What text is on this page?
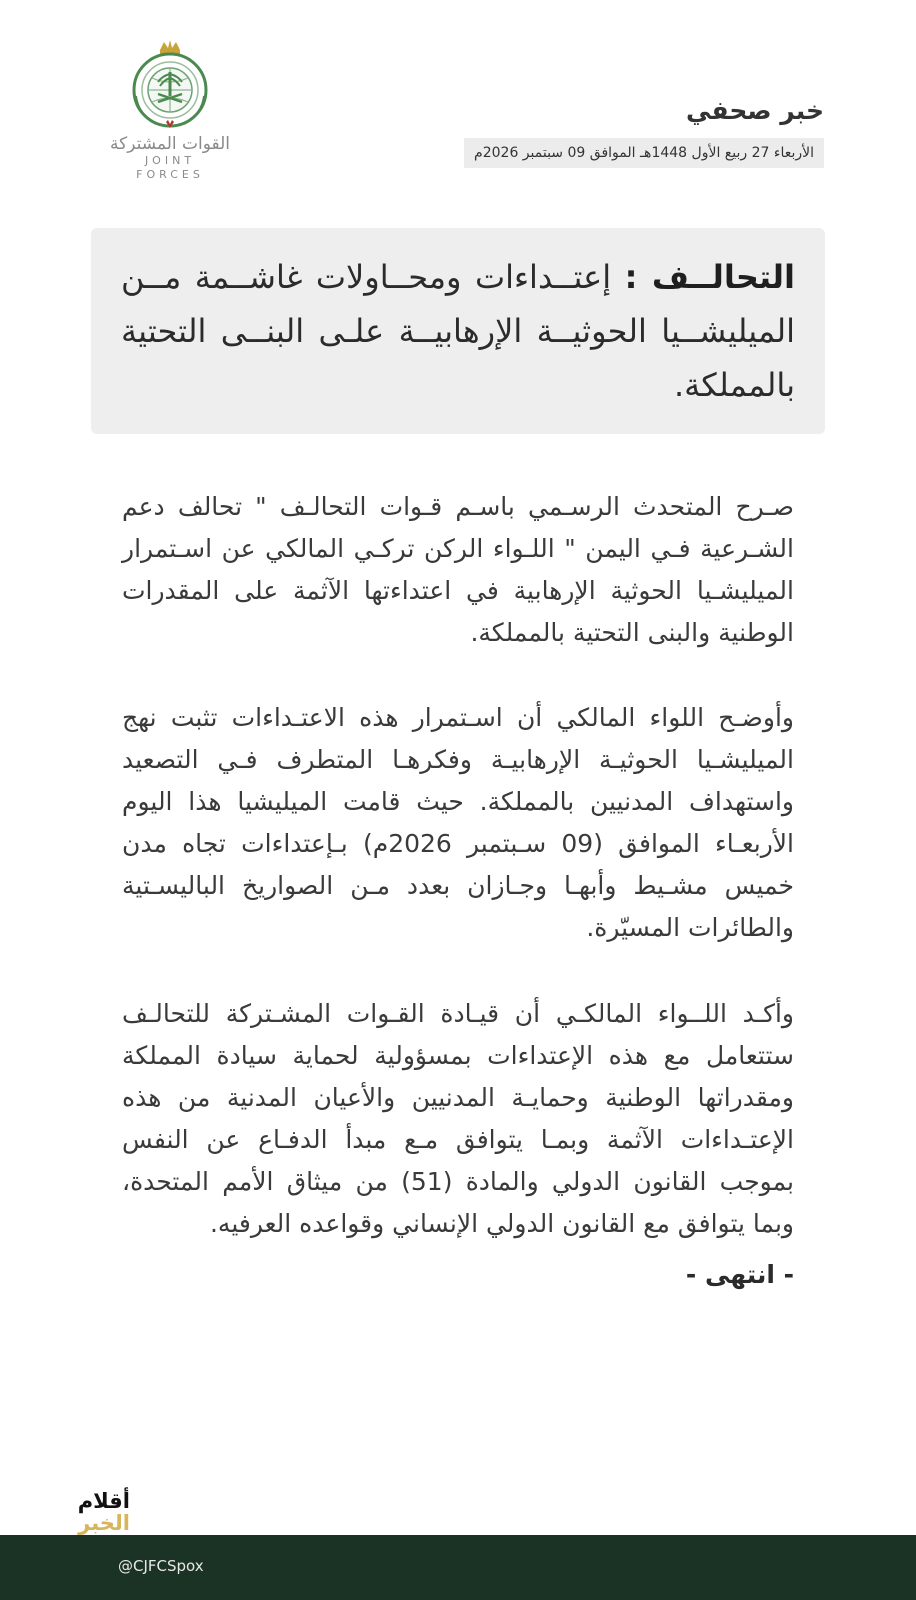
القوات المشتركة
JOINT FORCES
خبر صحفي
الأربعاء 27 ربيع الأول 1448هـ الموافق 09 سبتمبر 2026م
التحالــف : إعتــداءات ومحــاولات غاشــمة مــن الميليشــيا الحوثيــة الإرهابيــة علـى البنــى التحتية بالمملكة.
صـرح المتحدث الرسـمي باسـم قـوات التحالـف " تحالف دعم الشـرعية فـي اليمن " اللـواء الركن تركـي المالكي عن اسـتمرار الميليشـيا الحوثية الإرهابية في اعتداءتها الآثمة على المقدرات الوطنية والبنى التحتية بالمملكة.
وأوضـح اللواء المالكي أن اسـتمرار هذه الاعتـداءات تثبت نهج الميليشـيا الحوثيـة الإرهابيـة وفكرهـا المتطرف فـي التصعيد واستهداف المدنيين بالمملكة. حيث قامت الميليشيا هذا اليوم الأربعـاء الموافق (09 سـبتمبر 2026م) بـإعتداءات تجاه مدن خميس مشـيط وأبهـا وجـازان بعدد مـن الصواريخ الباليسـتية والطائرات المسيّرة.
وأكـد اللــواء المالكـي أن قيـادة القـوات المشـتركة للتحالـف ستتعامل مع هذه الإعتداءات بمسؤولية لحماية سيادة المملكة ومقدراتها الوطنية وحمايـة المدنيين والأعيان المدنية من هذه الإعتـداءات الآثمة وبمـا يتوافق مـع مبدأ الدفـاع عن النفس بموجب القانون الدولي والمادة (51) من ميثاق الأمم المتحدة، وبما يتوافق مع القانون الدولي الإنساني وقواعده العرفيه.
- انتهى -
أقلام
الخبر
@CJFCSpox
